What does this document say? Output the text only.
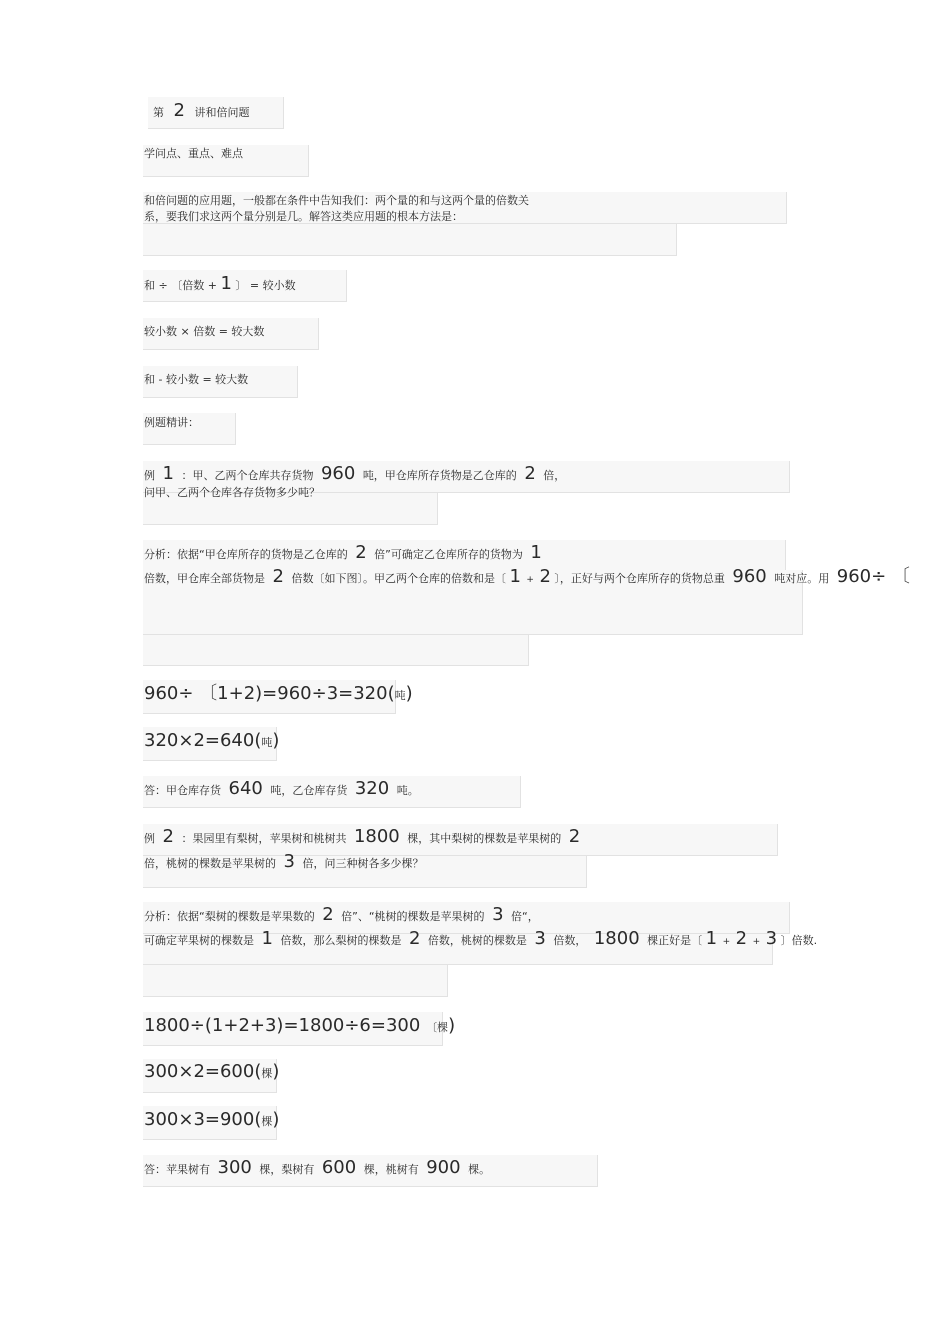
第 2 讲和倍问题
学问点、重点、难点
和倍问题的应用题，一般都在条件中告知我们：两个量的和与这两个量的倍数关
系，要我们求这两个量分别是几。解答这类应用题的根本方法是：
和 ÷ 〔倍数 + 1 〕 = 较小数
较小数 × 倍数 = 较大数
和 - 较小数 = 较大数
例题精讲：
例 1 ：甲、乙两个仓库共存货物 960 吨，甲仓库所存货物是乙仓库的 2 倍，
问甲、乙两个仓库各存货物多少吨？
分析：依据“甲仓库所存的货物是乙仓库的 2 倍”可确定乙仓库所存的货物为 1
倍数，甲仓库全部货物是 2 倍数〔如下图〕。甲乙两个仓库的倍数和是〔 1 + 2 〕，正好与两个仓库所存的货物总重 960 吨对应。用 960÷ 〔
960÷ 〔1+2)=960÷3=320(吨)
320×2=640(吨)
答：甲仓库存货 640 吨，乙仓库存货 320 吨。
例 2 ：果园里有梨树，苹果树和桃树共 1800 棵，其中梨树的棵数是苹果树的 2
倍，桃树的棵数是苹果树的 3 倍，问三种树各多少棵？
分析：依据“梨树的棵数是苹果数的 2 倍”、“桃树的棵数是苹果树的 3 倍“，
可确定苹果树的棵数是 1 倍数，那么梨树的棵数是 2 倍数，桃树的棵数是 3 倍数， 1800 棵正好是〔 1 + 2 + 3 〕倍数.
1800÷(1+2+3)=1800÷6=300 〔棵)
300×2=600(棵)
300×3=900(棵)
答：苹果树有 300 棵，梨树有 600 棵，桃树有 900 棵。
